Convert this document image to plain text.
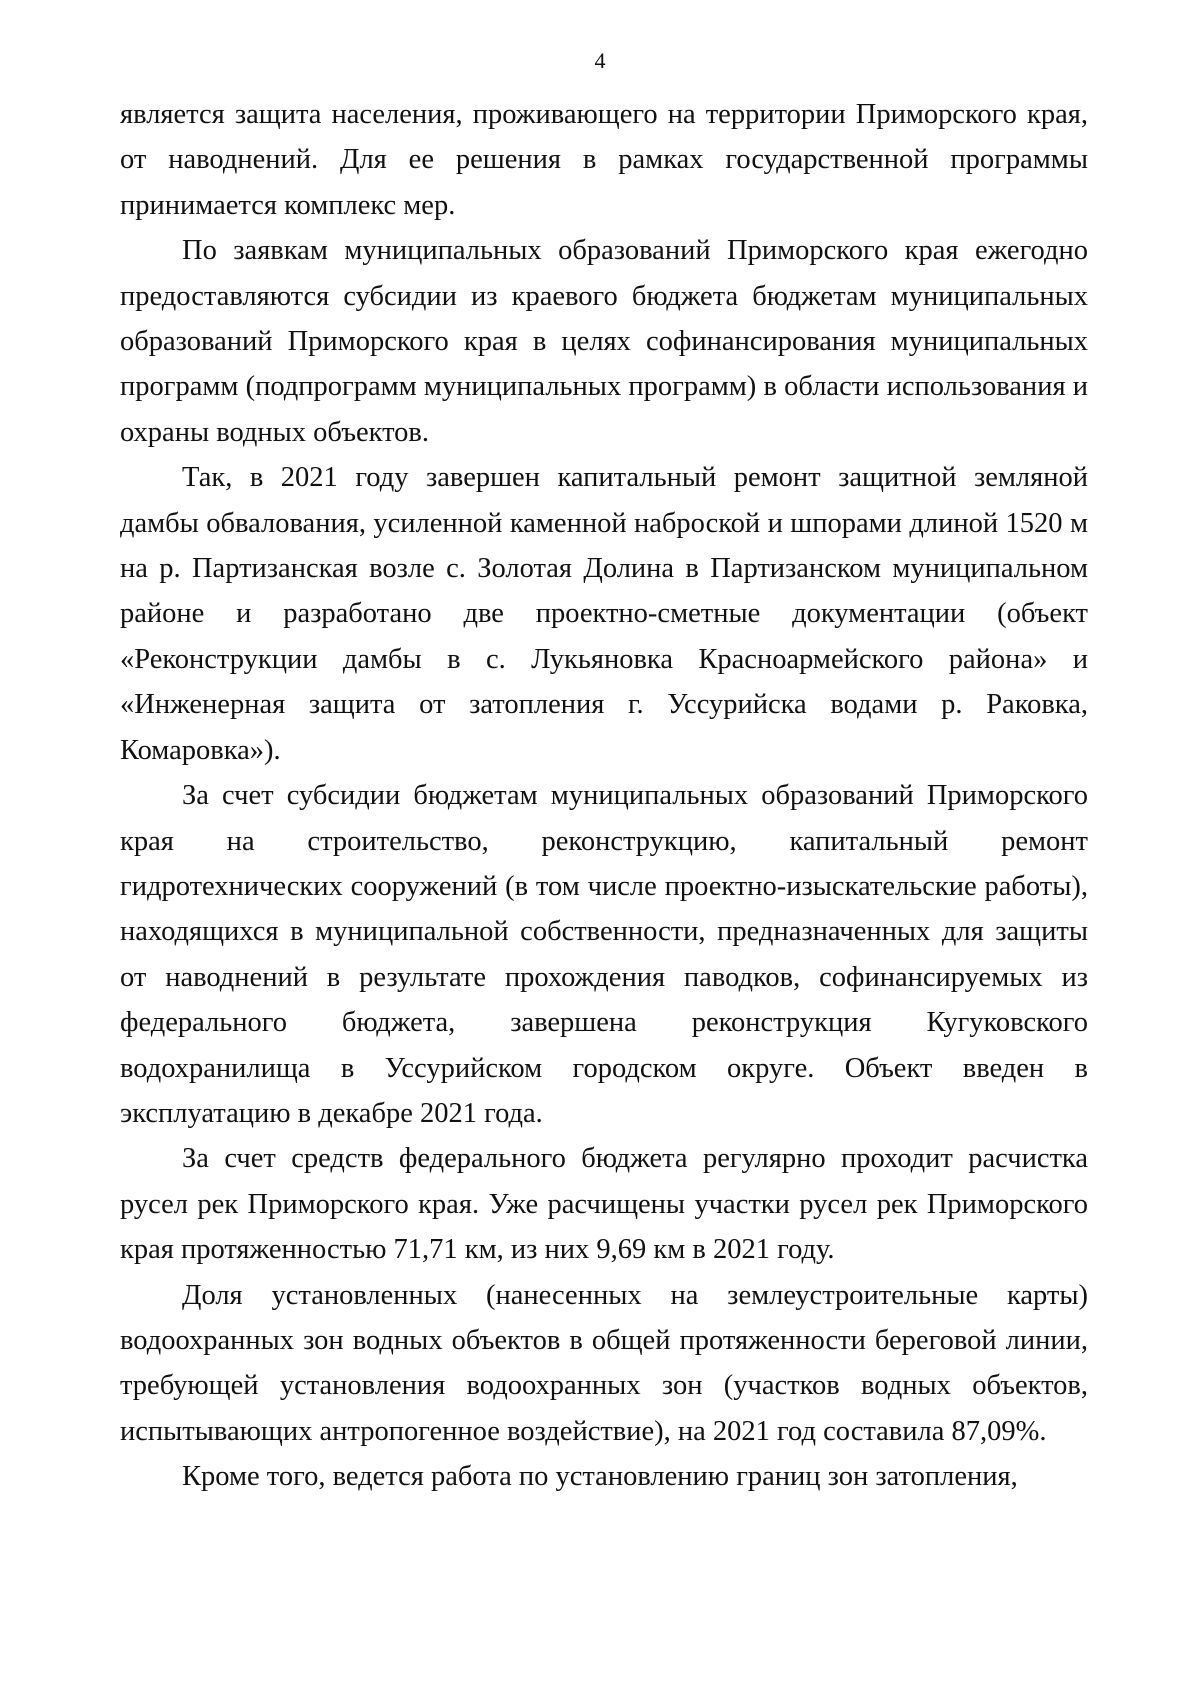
4

является защита населения, проживающего на территории Приморского края, от наводнений. Для ее решения в рамках государственной программы принимается комплекс мер.

По заявкам муниципальных образований Приморского края ежегодно предоставляются субсидии из краевого бюджета бюджетам муниципальных образований Приморского края в целях софинансирования муниципальных программ (подпрограмм муниципальных программ) в области использования и охраны водных объектов.

Так, в 2021 году завершен капитальный ремонт защитной земляной дамбы обвалования, усиленной каменной наброской и шпорами длиной 1520 м на р. Партизанская возле с. Золотая Долина в Партизанском муниципальном районе и разработано две проектно-сметные документации (объект «Реконструкции дамбы в с. Лукьяновка Красноармейского района» и «Инженерная защита от затопления г. Уссурийска водами р. Раковка, Комаровка»).

За счет субсидии бюджетам муниципальных образований Приморского края на строительство, реконструкцию, капитальный ремонт гидротехнических сооружений (в том числе проектно-изыскательские работы), находящихся в муниципальной собственности, предназначенных для защиты от наводнений в результате прохождения паводков, софинансируемых из федерального бюджета, завершена реконструкция Кугуковского водохранилища в Уссурийском городском округе. Объект введен в эксплуатацию в декабре 2021 года.

За счет средств федерального бюджета регулярно проходит расчистка русел рек Приморского края. Уже расчищены участки русел рек Приморского края протяженностью 71,71 км, из них 9,69 км в 2021 году.

Доля установленных (нанесенных на землеустроительные карты) водоохранных зон водных объектов в общей протяженности береговой линии, требующей установления водоохранных зон (участков водных объектов, испытывающих антропогенное воздействие), на 2021 год составила 87,09%.

Кроме того, ведется работа по установлению границ зон затопления,
